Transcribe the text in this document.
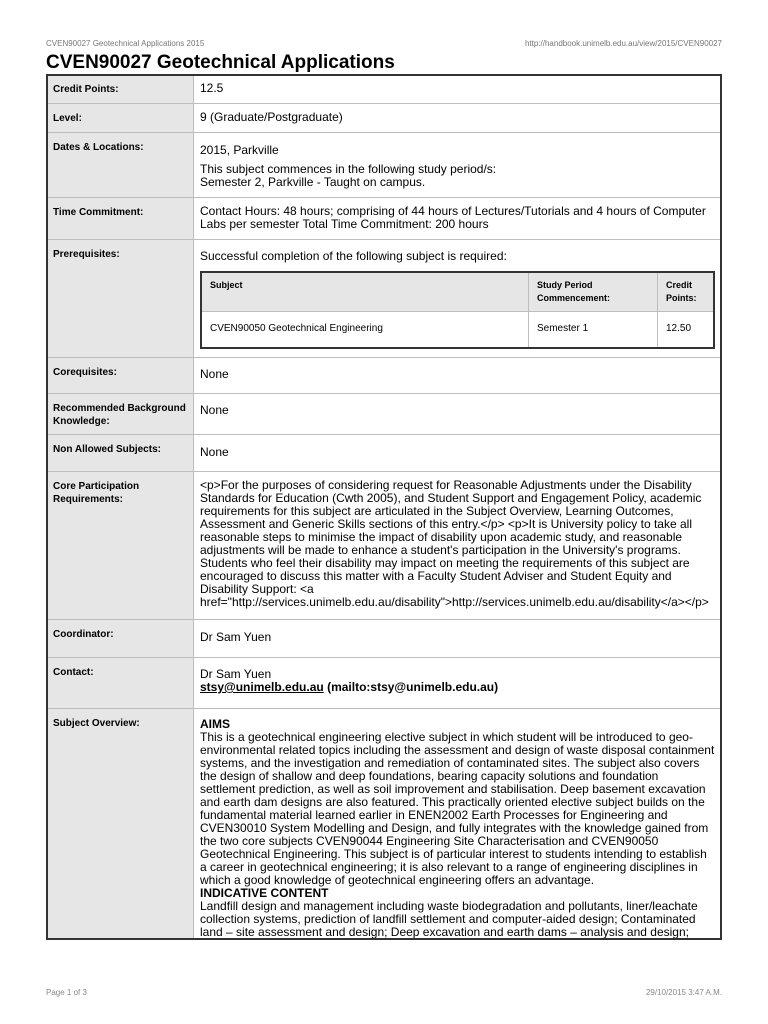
CVEN90027 Geotechnical Applications 2015	http://handbook.unimelb.edu.au/view/2015/CVEN90027
CVEN90027 Geotechnical Applications
Credit Points:	12.5
Level:	9 (Graduate/Postgraduate)
Dates & Locations:	2015, Parkville

This subject commences in the following study period/s:

Semester 2, Parkville - Taught on campus.

Time Commitment:	Contact Hours: 48 hours; comprising of 44 hours of Lectures/Tutorials and 4 hours of Computer Labs per semester Total Time Commitment: 200 hours
Prerequisites:	Successful completion of the following subject is required:

Subject	Study Period Commencement:	Credit Points:
CVEN90050 Geotechnical Engineering	Semester 1	12.50

Corequisites:	None
Recommended Background Knowledge:	None
Non Allowed Subjects:	None
Core Participation Requirements:	<p>For the purposes of considering request for Reasonable Adjustments under the Disability Standards for Education (Cwth 2005), and Student Support and Engagement Policy, academic requirements for this subject are articulated in the Subject Overview, Learning Outcomes, Assessment and Generic Skills sections of this entry.</p> <p>It is University policy to take all reasonable steps to minimise the impact of disability upon academic study, and reasonable adjustments will be made to enhance a student's participation in the University's programs. Students who feel their disability may impact on meeting the requirements of this subject are encouraged to discuss this matter with a Faculty Student Adviser and Student Equity and Disability Support: <a href="http://services.unimelb.edu.au/disability">http://services.unimelb.edu.au/disability</a></p>
Coordinator:	Dr Sam Yuen
Contact:	Dr Sam Yuen

stsy@unimelb.edu.au (mailto:stsy@unimelb.edu.au)

Subject Overview:	AIMS

This is a geotechnical engineering elective subject in which student will be introduced to geo-environmental related topics including the assessment and design of waste disposal containment systems, and the investigation and remediation of contaminated sites. The subject also covers the design of shallow and deep foundations, bearing capacity solutions and foundation settlement prediction, as well as soil improvement and stabilisation. Deep basement excavation and earth dam designs are also featured. This practically oriented elective subject builds on the fundamental material learned earlier in ENEN2002 Earth Processes for Engineering and CVEN30010 System Modelling and Design, and fully integrates with the knowledge gained from the two core subjects CVEN90044 Engineering Site Characterisation and CVEN90050 Geotechnical Engineering. This subject is of particular interest to students intending to establish a career in geotechnical engineering; it is also relevant to a range of engineering disciplines in which a good knowledge of geotechnical engineering offers an advantage.

INDICATIVE CONTENT

Landfill design and management including waste biodegradation and pollutants, liner/leachate collection systems, prediction of landfill settlement and computer-aided design; Contaminated land – site assessment and design; Deep excavation and earth dams – analysis and design;

Page 1 of 3	29/10/2015 3:47 A.M.
